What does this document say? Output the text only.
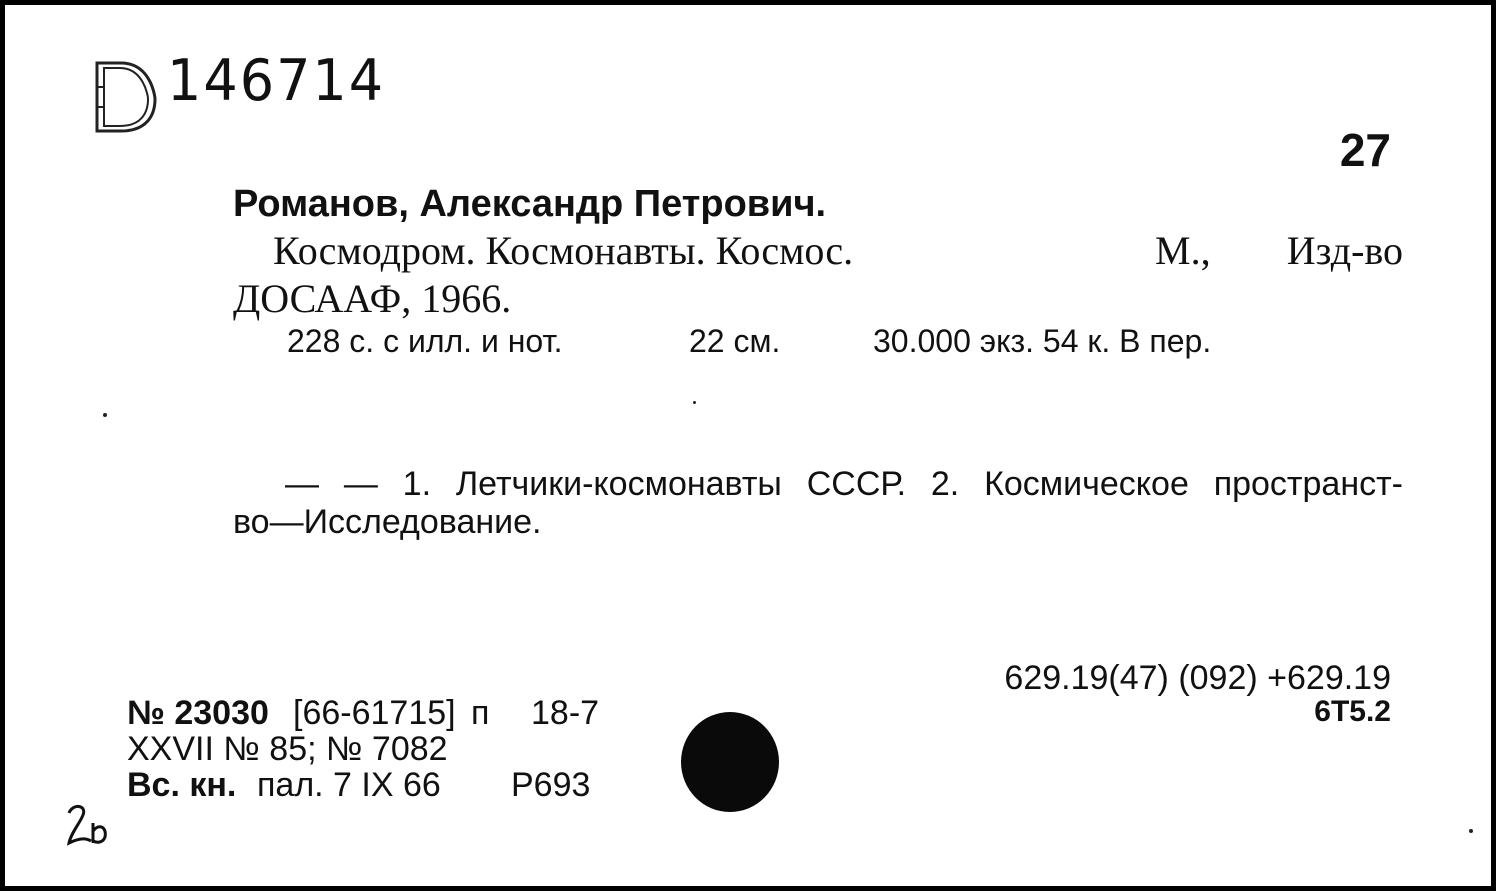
146714
27
Романов, Александр Петрович.
Космодром. Космонавты. Космос.	М., Изд-во
ДОСААФ, 1966.
228 с. с илл. и нот.	22 см.	30.000 экз. 54 к. В пер.
— — 1. Летчики-космонавты СССР. 2. Космическое пространст-
во—Исследование.
629.19(47) (092) +629.19
6Т5.2
№ 23030 [66-61715] п 18-7
XXVII № 85; № 7082
Вс. кн. пал. 7 IX 66 Р693
